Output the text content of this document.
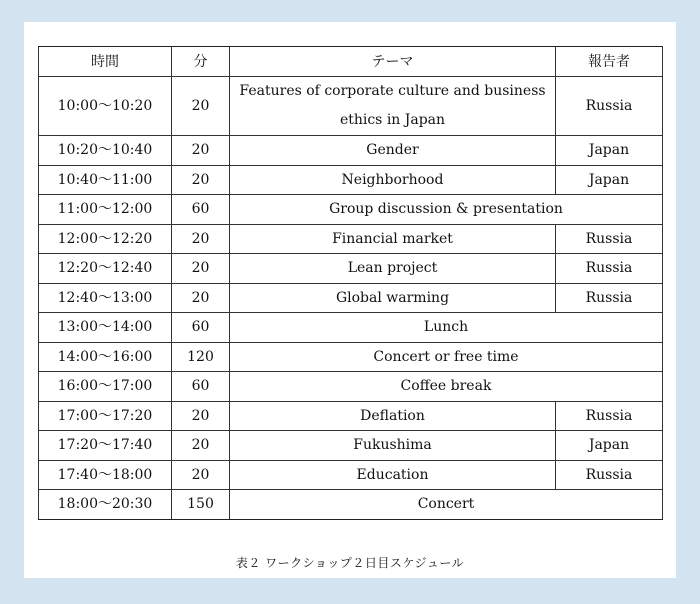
時間	分	テーマ	報告者
10:00〜10:20	20	Features of corporate culture and business ethics in Japan	Russia
10:20〜10:40	20	Gender	Japan
10:40〜11:00	20	Neighborhood	Japan
11:00〜12:00	60	Group discussion & presentation	
12:00〜12:20	20	Financial market	Russia
12:20〜12:40	20	Lean project	Russia
12:40〜13:00	20	Global warming	Russia
13:00〜14:00	60	Lunch	
14:00〜16:00	120	Concert or free time	
16:00〜17:00	60	Coffee break	
17:00〜17:20	20	Deflation	Russia
17:20〜17:40	20	Fukushima	Japan
17:40〜18:00	20	Education	Russia
18:00〜20:30	150	Concert	
表２ ワークショップ２日目スケジュール
